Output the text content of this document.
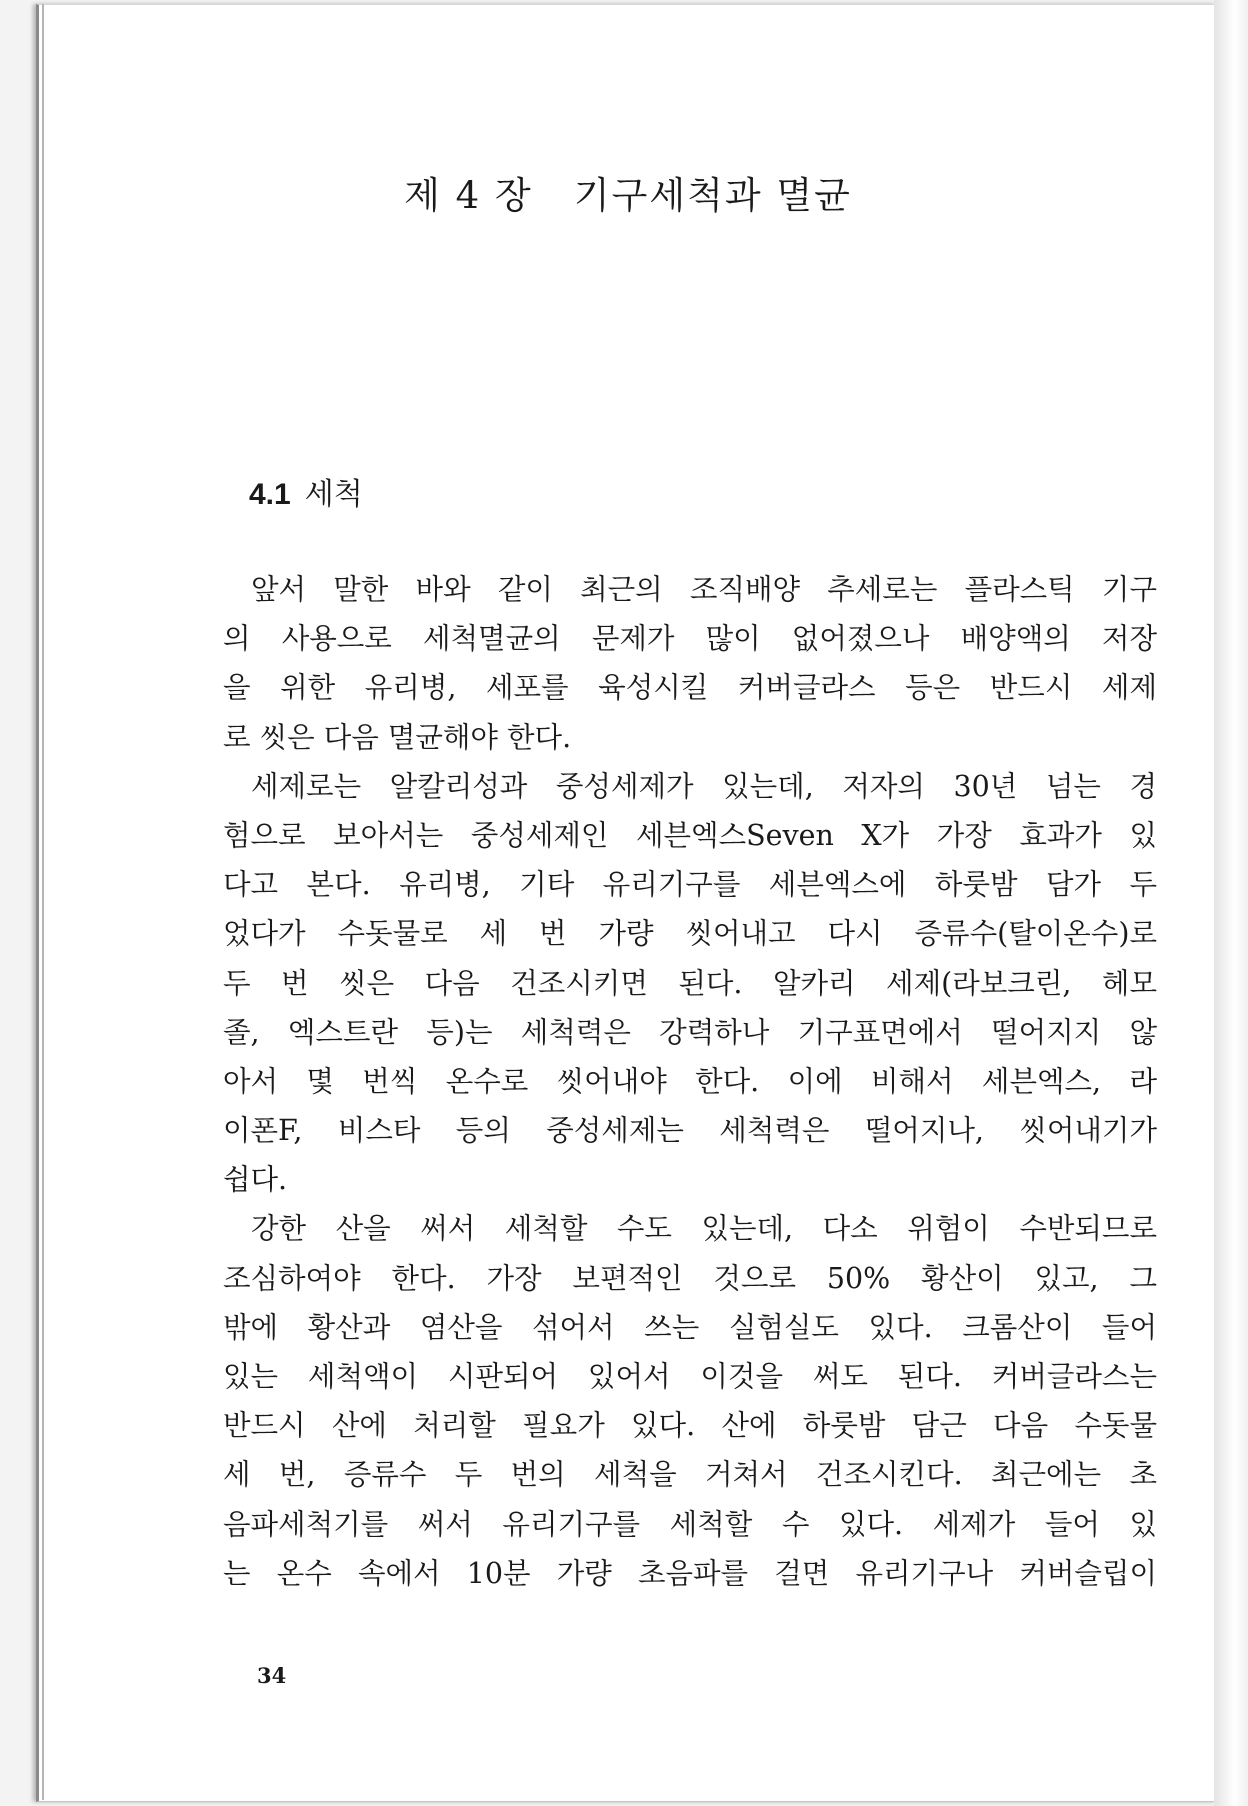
제 4 장   기구세척과 멸균
4.1 세척
앞서 말한 바와 같이 최근의 조직배양 추세로는 플라스틱 기구
의 사용으로 세척멸균의 문제가 많이 없어졌으나 배양액의 저장
을 위한 유리병, 세포를 육성시킬 커버글라스 등은 반드시 세제
로 씻은 다음 멸균해야 한다.
세제로는 알칼리성과 중성세제가 있는데, 저자의 30년 넘는 경
험으로 보아서는 중성세제인 세븐엑스Seven X가 가장 효과가 있
다고 본다. 유리병, 기타 유리기구를 세븐엑스에 하룻밤 담가 두
었다가 수돗물로 세 번 가량 씻어내고 다시 증류수(탈이온수)로
두 번 씻은 다음 건조시키면 된다. 알카리 세제(라보크린, 헤모
졸, 엑스트란 등)는 세척력은 강력하나 기구표면에서 떨어지지 않
아서 몇 번씩 온수로 씻어내야 한다. 이에 비해서 세븐엑스, 라
이폰F, 비스타 등의 중성세제는 세척력은 떨어지나, 씻어내기가
쉽다.
강한 산을 써서 세척할 수도 있는데, 다소 위험이 수반되므로
조심하여야 한다. 가장 보편적인 것으로 50% 황산이 있고, 그
밖에 황산과 염산을 섞어서 쓰는 실험실도 있다. 크롬산이 들어
있는 세척액이 시판되어 있어서 이것을 써도 된다. 커버글라스는
반드시 산에 처리할 필요가 있다. 산에 하룻밤 담근 다음 수돗물
세 번, 증류수 두 번의 세척을 거쳐서 건조시킨다. 최근에는 초
음파세척기를 써서 유리기구를 세척할 수 있다. 세제가 들어 있
는 온수 속에서 10분 가량 초음파를 걸면 유리기구나 커버슬립이
34
